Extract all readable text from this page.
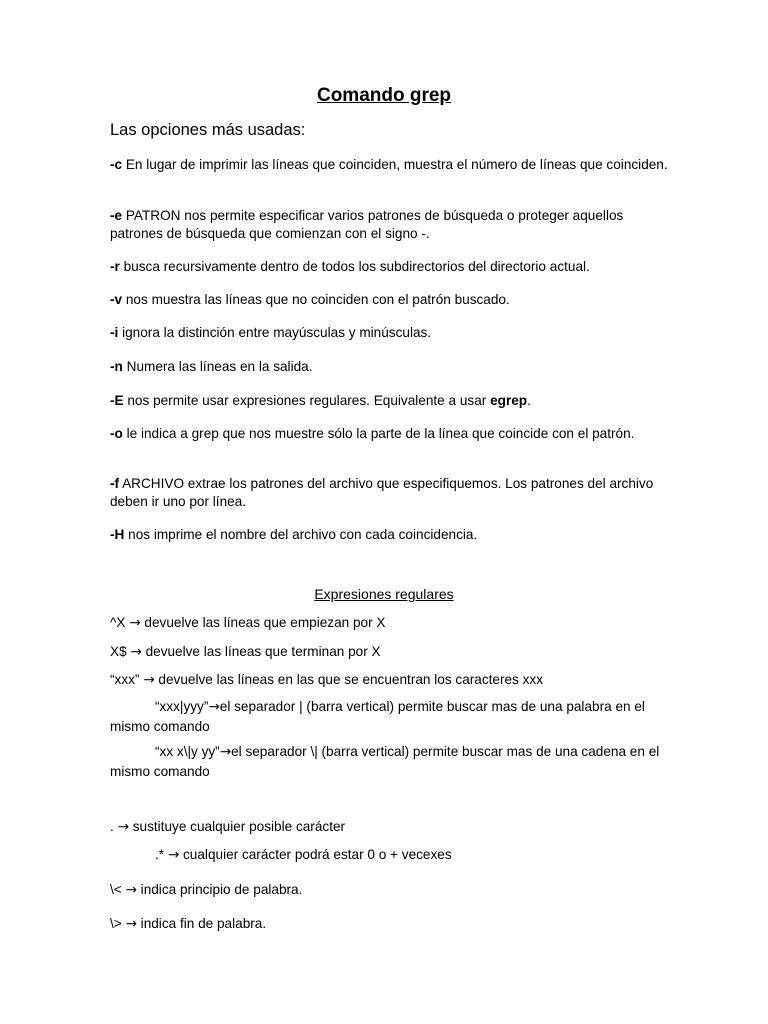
Comando grep
Las opciones más usadas:
-c En lugar de imprimir las líneas que coinciden, muestra el número de líneas que coinciden.
-e PATRON nos permite especificar varios patrones de búsqueda o proteger aquellos patrones de búsqueda que comienzan con el signo -.
-r busca recursivamente dentro de todos los subdirectorios del directorio actual.
-v nos muestra las líneas que no coinciden con el patrón buscado.
-i ignora la distinción entre mayúsculas y minúsculas.
-n Numera las líneas en la salida.
-E nos permite usar expresiones regulares. Equivalente a usar egrep.
-o le indica a grep que nos muestre sólo la parte de la línea que coincide con el patrón.
-f ARCHIVO extrae los patrones del archivo que especifiquemos. Los patrones del archivo deben ir uno por línea.
-H nos imprime el nombre del archivo con cada coincidencia.
Expresiones regulares
^X → devuelve las líneas que empiezan por X
X$ → devuelve las líneas que terminan por X
“xxx” → devuelve las líneas en las que se encuentran los caracteres xxx
“xxx|yyy”→el separador | (barra vertical) permite buscar mas de una palabra en el mismo comando
“xx x\|y yy”→el separador \| (barra vertical) permite buscar mas de una cadena en el mismo comando
. → sustituye cualquier posible carácter
.* → cualquier carácter podrá estar 0 o + vecexes
\< → indica principio de palabra.
\> → indica fin de palabra.
